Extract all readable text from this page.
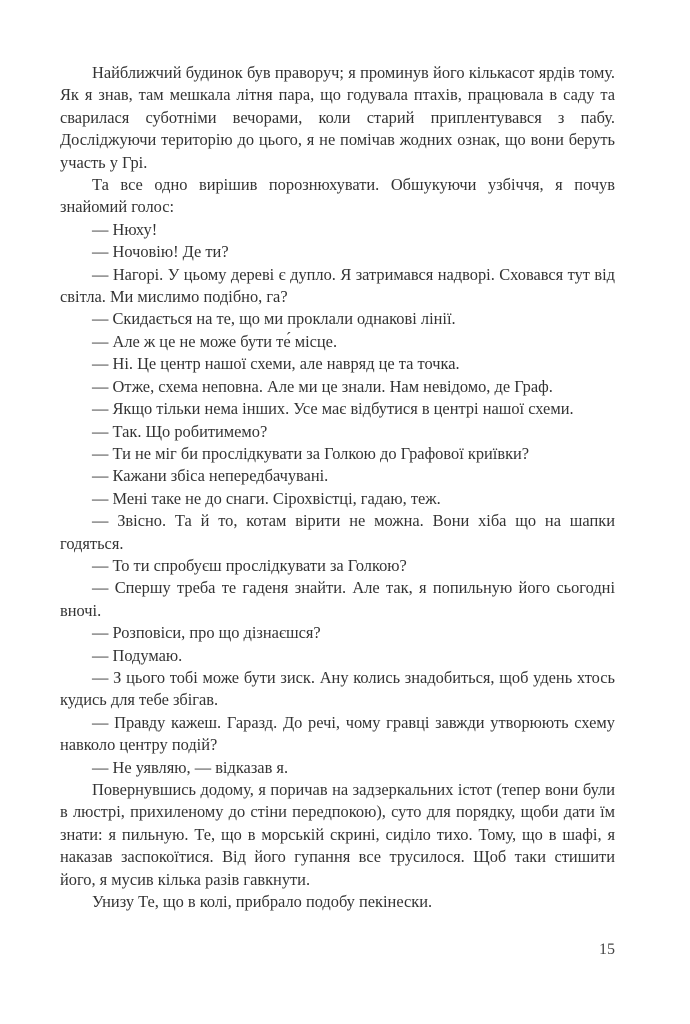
Найближчий будинок був праворуч; я проминув його кількасот ярдів тому. Як я знав, там мешкала літня пара, що годувала птахів, працювала в саду та сварилася суботніми вечорами, коли старий приплентувався з пабу. Досліджуючи територію до цього, я не помічав жодних ознак, що вони беруть участь у Грі.

Та все одно вирішив порознюхувати. Обшукуючи узбіччя, я почув знайомий голос:

— Нюху!

— Ночовію! Де ти?

— Нагорі. У цьому дереві є дупло. Я затримався надворі. Сховався тут від світла. Ми мислимо подібно, га?

— Скидається на те, що ми проклали однакові лінії.

— Але ж це не може бути те́ місце.

— Ні. Це центр нашої схеми, але навряд це та точка.

— Отже, схема неповна. Але ми це знали. Нам невідомо, де Граф.

— Якщо тільки нема інших. Усе має відбутися в центрі нашої схеми.

— Так. Що робитимемо?

— Ти не міг би прослідкувати за Голкою до Графової криївки?

— Кажани збіса непередбачувані.

— Мені таке не до снаги. Сірохвістці, гадаю, теж.

— Звісно. Та й то, котам вірити не можна. Вони хіба що на шапки годяться.

— То ти спробуєш прослідкувати за Голкою?

— Спершу треба те гаденя знайти. Але так, я попильную його сьогодні вночі.

— Розповіси, про що дізнаєшся?

— Подумаю.

— З цього тобі може бути зиск. Ану колись знадобиться, щоб удень хтось кудись для тебе збігав.

— Правду кажеш. Гаразд. До речі, чому гравці завжди утворюють схему навколо центру подій?

— Не уявляю, — відказав я.

Повернувшись додому, я поричав на задзеркальних істот (тепер вони були в люстрі, прихиленому до стіни передпокою), суто для порядку, щоби дати їм знати: я пильную. Те, що в морській скрині, сиділо тихо. Тому, що в шафі, я наказав заспокоїтися. Від його гупання все трусилося. Щоб таки стишити його, я мусив кілька разів гавкнути.

Унизу Те, що в колі, прибрало подобу пекінески.

15
